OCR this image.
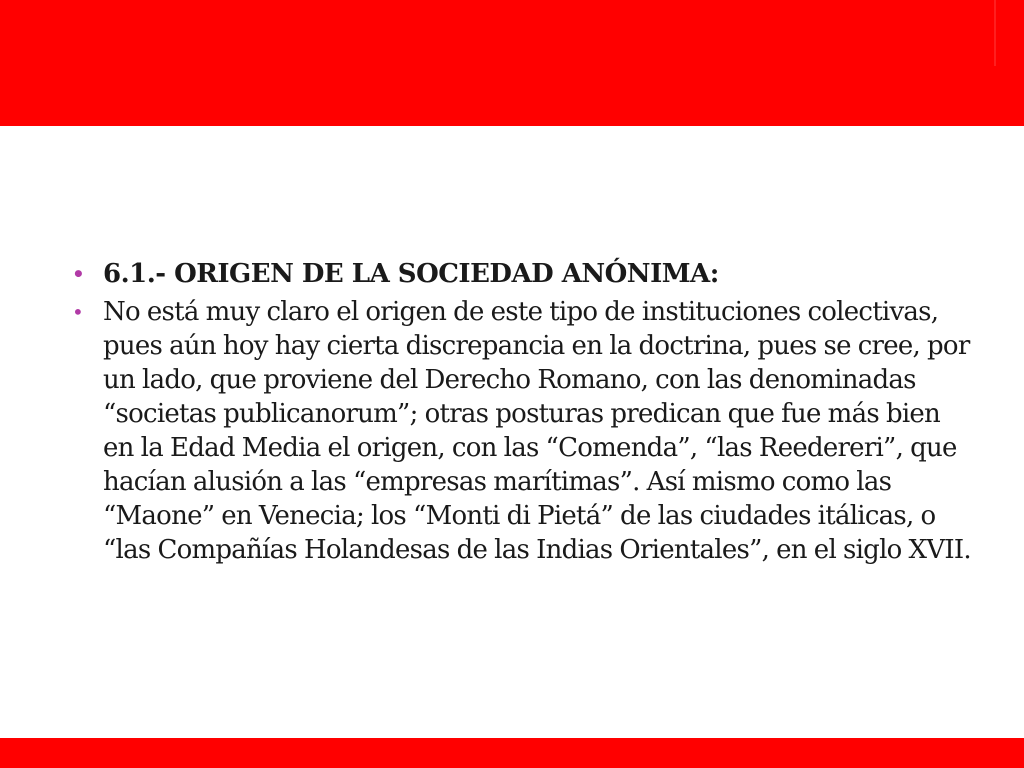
• 6.1.- ORIGEN DE LA SOCIEDAD ANÓNIMA:
• No está muy claro el origen de este tipo de instituciones colectivas, pues aún hoy hay cierta discrepancia en la doctrina, pues se cree, por un lado, que proviene del Derecho Romano, con las denominadas “societas publicanorum”; otras posturas predican que fue más bien en la Edad Media el origen, con las “Comenda”, “las Reedereri”, que hacían alusión a las “empresas marítimas”. Así mismo como las “Maone” en Venecia; los “Monti di Pietá” de las ciudades itálicas, o “las Compañías Holandesas de las Indias Orientales”, en el siglo XVII.
